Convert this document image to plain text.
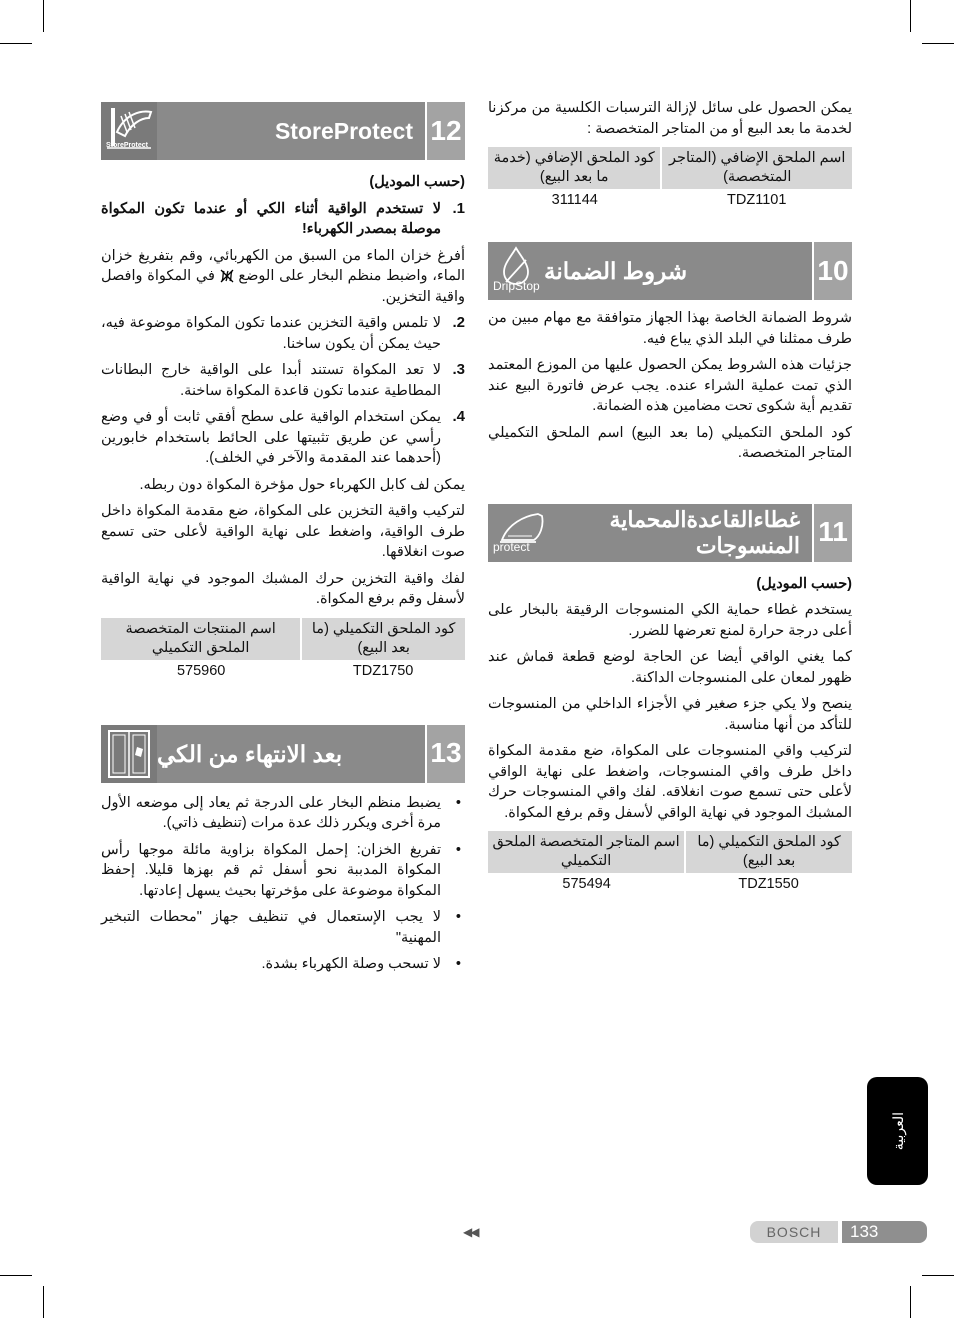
StoreProtect
StoreProtect 12

(حسب الموديل)

1.
لا تستخدم الواقية أثناء الكي أو عندما تكون المكواة موصلة بمصدر الكهرباء!

أفرغ خزان الماء من السبق من الكهربائي، وقم بتفريغ خزان الماء، واضبط منظم البخار على الوضع  في المكواة وافصل واقية التخزين.

2.
لا تلمس واقية التخزين عندما تكون المكواة موضوعة فيه، حيث يمكن أن يكون ساخنا.
3.
لا تعد المكواة تستند أبدا على الواقية خارج البطانات المطاطية عندما تكون قاعدة المكواة ساخنة.
4.
يمكن استخدام الواقية على سطح أفقي ثابت أو في وضع رأسي عن طريق تثبيتها على الحائط باستخدام خابورين (أحدهما عند المقدمة والآخر في الخلف).

يمكن لف كابل الكهرباء حول مؤخرة المكواة دون ربطه.

لتركيب واقية التخزين على المكواة، ضع مقدمة المكواة داخل طرف الواقية، واضغط على نهاية الواقية لأعلى حتى تسمع صوت انغلاقها.

لفك واقية التخزين حرك المشبك الموجود في نهاية الواقية لأسفل وقم برفع المكواة.

كود الملحق التكميلي (ما بعد البيع)	اسم المنتجات المتخصصة الملحق التكميلي
TDZ1750	575960
بعد الانتهاء من الكي	13
• يضبط منظم البخار على الدرجة ثم يعاد إلى موضعه الأول مرة أخرى ويكرر ذلك عدة مرات (تنظيف ذاتي).
• تفريغ الخزان: إحمل المكواة بزاوية مائلة موجها رأس المكواة المدببة نحو أسفل ثم قم بهزها قليلا. إحفظ المكواة موضوعة على مؤخرتها بحيث يسهل إعادتها.
• لا يجب الإستعمال في تنظيف جهاز "محطات التبخير المهنية"
• لا تسحب وصلة الكهرباء بشدة.

يمكن الحصول على سائل لإزالة الترسبات الكلسية من مركزنا لخدمة ما بعد البيع أو من المتاجر المتخصصة :

اسم الملحق الإضافي (المتاجر المتخصصة)	كود الملحق الإضافي (خدمة ما بعد البيع)
TDZ1101	311144
DripStop
شروط الضمانة	10

شروط الضمانة الخاصة بهذا الجهاز متوافقة مع مهام مبين من طرف ممثلنا في البلد الذي يباع فيه.

جزئيات هذه الشروط يمكن الحصول عليها من الموزع المعتمد الذي تمت عملية الشراء عنده. يجب عرض فاتورة البيع عند تقديم أية شكوى تحت مضامين هذه الضمانة.

كود الملحق التكميلي (ما بعد البيع) اسم الملحق التكميلي المتاجر المتخصصة.

protect
غطاءالقاعدةالمحماية المنسوجات 11

(حسب الموديل)

يستخدم غطاء حماية الكي المنسوجات الرقيقة بالبخار على أعلى درجة حرارة لمنع تعرضها للضرر.

كما يغني الواقي أيضا عن الحاجة لوضع قطعة قماش عند ظهور لمعان على المنسوجات الداكنة.

ينصح ولا يكي جزء صغير في الأجزاء الداخلي من المنسوجات للتأكد من أنها مناسبة.

لتركيب واقي المنسوجات على المكواة، ضع مقدمة المكواة داخل طرف واقي المنسوجات، واضغط على نهاية الواقي لأعلى حتى تسمع صوت انغلاقه. لفك واقي المنسوجات حرك المشبك الموجود في نهاية الواقي لأسفل وقم برفع المكواة.

كود الملحق التكميلي (ما بعد البيع)	اسم المتاجر المتخصصة الملحق التكميلي
TDZ1550	575494
العربية
◀◀	BOSCH	133
